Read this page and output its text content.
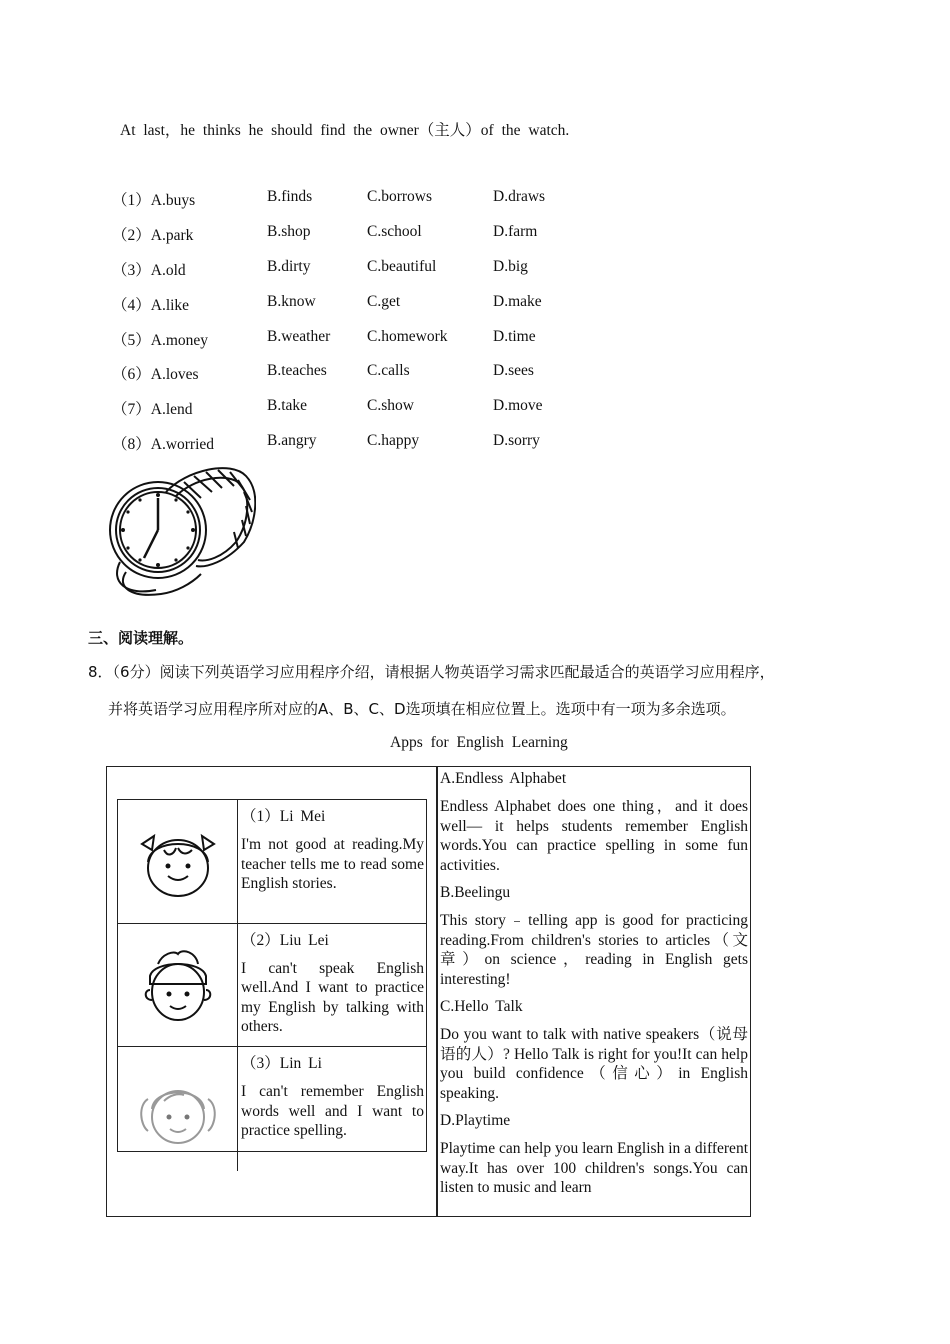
At last，he thinks he should find the owner（主人）of the watch.
（1）A.buys	B.finds	C.borrows	D.draws
（2）A.park	B.shop	C.school	D.farm
（3）A.old	B.dirty	C.beautiful	D.big
（4）A.like	B.know	C.get	D.make
（5）A.money	B.weather C.homework	D.time
（6）A.loves	B.teaches	C.calls	D.sees
（7）A.lend	B.take	C.show	D.move
（8）A.worried	B.angry	C.happy	D.sorry
三、阅读理解。
8．（6分）阅读下列英语学习应用程序介绍，请根据人物英语学习需求匹配最适合的英语学习应用程序，
并将英语学习应用程序所对应的A、B、C、D选项填在相应位置上。选项中有一项为多余选项。
Apps for English Learning
（1）Li Mei
I'm not good at reading.My teacher tells me to read some English stories.
（2）Liu Lei
I can't speak English well.And I want to practice my English by talking with others.
（3）Lin Li
I can't remember English words well and I want to practice spelling.
A.Endless Alphabet
Endless Alphabet does one thing，and it does well— it helps students remember English words.You can practice spelling in some fun activities.
B.Beelingu
This story﹣telling app is good for practicing reading.From children's stories to articles（文章）on science，reading in English gets interesting!
C.Hello Talk
Do you want to talk with native speakers（说母语的人）? Hello Talk is right for you!It can help you build confidence（信心）in English speaking.
D.Playtime
Playtime can help you learn English in a different way.It has over 100 children's songs.You can listen to music and learn
